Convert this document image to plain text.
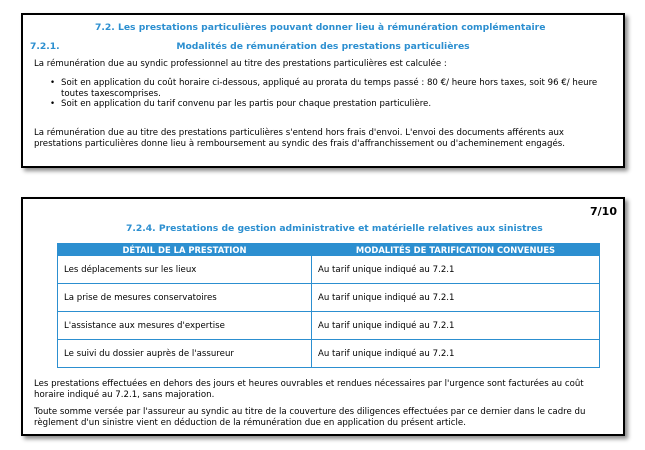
7.2. Les prestations particulières pouvant donner lieu à rémunération complémentaire
7.2.1.	Modalités de rémunération des prestations particulières
La rémunération due au syndic professionnel au titre des prestations particulières est calculée :
• Soit en application du coût horaire ci-dessous, appliqué au prorata du temps passé : 80 €/ heure hors taxes, soit 96 €/ heure toutes taxescomprises.
• Soit en application du tarif convenu par les partis pour chaque prestation particulière.
La rémunération due au titre des prestations particulières s'entend hors frais d'envoi. L'envoi des documents afférents aux prestations particulières donne lieu à remboursement au syndic des frais d'affranchissement ou d'acheminement engagés.
7/10
7.2.4. Prestations de gestion administrative et matérielle relatives aux sinistres
DÉTAIL DE LA PRESTATION	MODALITÉS DE TARIFICATION CONVENUES
Les déplacements sur les lieux	Au tarif unique indiqué au 7.2.1
La prise de mesures conservatoires	Au tarif unique indiqué au 7.2.1
L'assistance aux mesures d'expertise	Au tarif unique indiqué au 7.2.1
Le suivi du dossier auprès de l'assureur	Au tarif unique indiqué au 7.2.1
Les prestations effectuées en dehors des jours et heures ouvrables et rendues nécessaires par l'urgence sont facturées au coût horaire indiqué au 7.2.1, sans majoration.
Toute somme versée par l'assureur au syndic au titre de la couverture des diligences effectuées par ce dernier dans le cadre du règlement d'un sinistre vient en déduction de la rémunération due en application du présent article.
